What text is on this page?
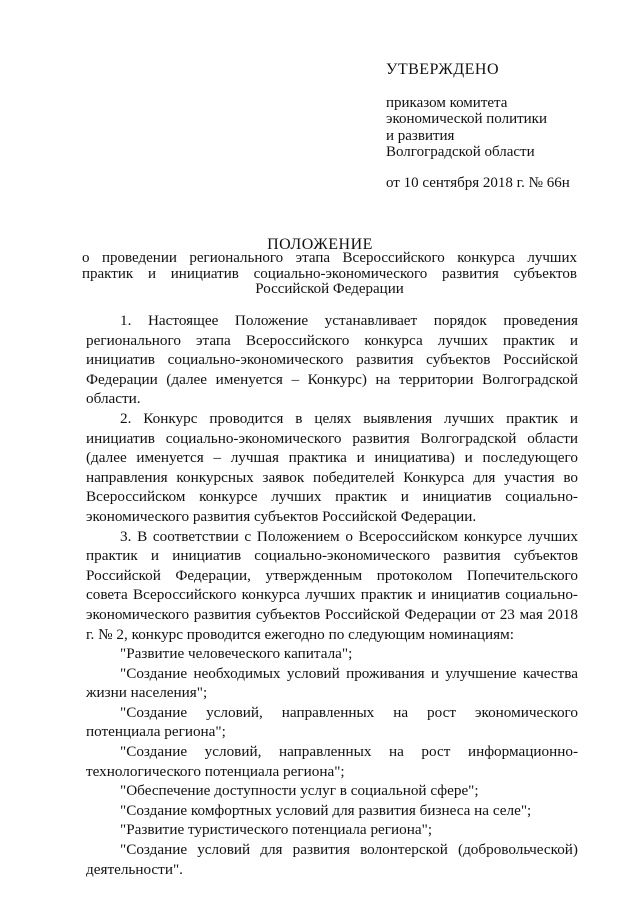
УТВЕРЖДЕНО
приказом комитета
экономической политики
и развития
Волгоградской области
от 10 сентября 2018 г. № 66н
ПОЛОЖЕНИЕ
о проведении регионального этапа Всероссийского конкурса лучших
практик и инициатив социально-экономического развития субъектов
Российской Федерации

1. Настоящее Положение устанавливает порядок проведения регионального этапа Всероссийского конкурса лучших практик и инициатив социально-экономического развития субъектов Российской Федерации (далее именуется – Конкурс) на территории Волгоградской области.

2. Конкурс проводится в целях выявления лучших практик и инициатив социально-экономического развития Волгоградской области (далее именуется – лучшая практика и инициатива) и последующего направления конкурсных заявок победителей Конкурса для участия во Всероссийском конкурсе лучших практик и инициатив социально-экономического развития субъектов Российской Федерации.

3. В соответствии с Положением о Всероссийском конкурсе лучших практик и инициатив социально-экономического развития субъектов Российской Федерации, утвержденным протоколом Попечительского совета Всероссийского конкурса лучших практик и инициатив социально-экономического развития субъектов Российской Федерации от 23 мая 2018 г. № 2, конкурс проводится ежегодно по следующим номинациям:

"Развитие человеческого капитала";

"Создание необходимых условий проживания и улучшение качества жизни населения";

"Создание условий, направленных на рост экономического потенциала региона";

"Создание условий, направленных на рост информационно-технологического потенциала региона";

"Обеспечение доступности услуг в социальной сфере";

"Создание комфортных условий для развития бизнеса на селе";

"Развитие туристического потенциала региона";

"Создание условий для развития волонтерской (добровольческой) деятельности".
